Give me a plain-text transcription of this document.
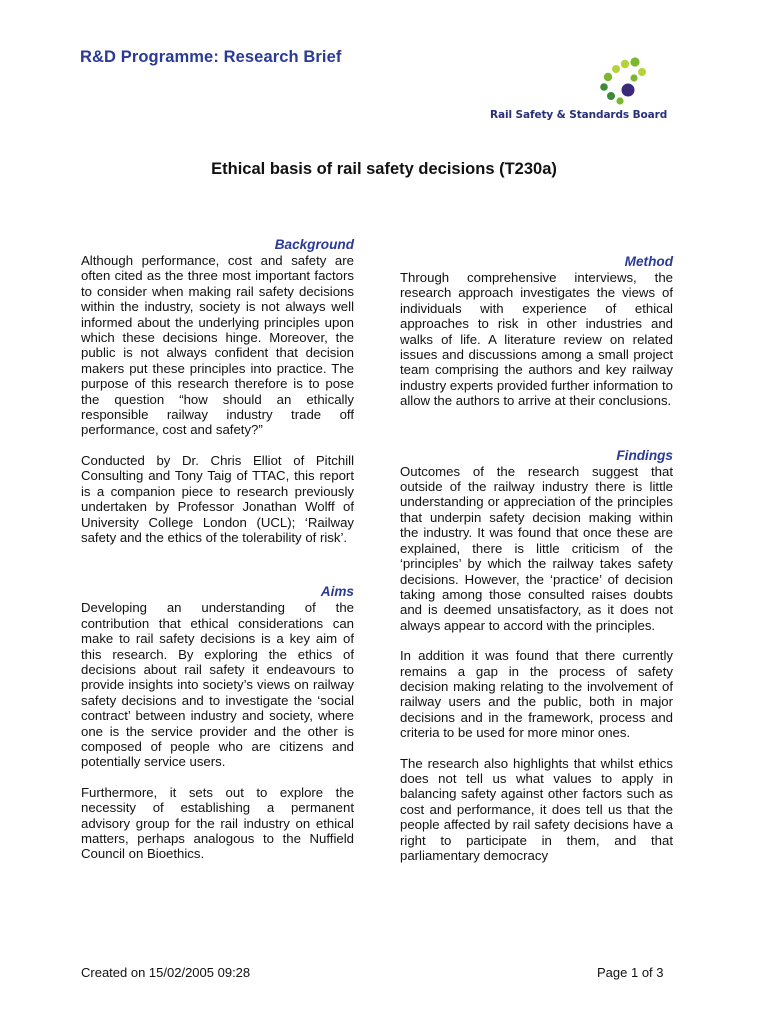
R&D Programme: Research Brief
Rail Safety & Standards Board
Ethical basis of rail safety decisions (T230a)
Background

Although performance, cost and safety are often cited as the three most important factors to consider when making rail safety decisions within the industry, society is not always well informed about the underlying principles upon which these decisions hinge. Moreover, the public is not always confident that decision makers put these principles into practice. The purpose of this research therefore is to pose the question “how should an ethically responsible railway industry trade off performance, cost and safety?”

Conducted by Dr. Chris Elliot of Pitchill Consulting and Tony Taig of TTAC, this report is a companion piece to research previously undertaken by Professor Jonathan Wolff of University College London (UCL); ‘Railway safety and the ethics of the tolerability of risk’.

Aims

Developing an understanding of the contribution that ethical considerations can make to rail safety decisions is a key aim of this research. By exploring the ethics of decisions about rail safety it endeavours to provide insights into society’s views on railway safety decisions and to investigate the ‘social contract’ between industry and society, where one is the service provider and the other is composed of people who are citizens and potentially service users.

Furthermore, it sets out to explore the necessity of establishing a permanent advisory group for the rail industry on ethical matters, perhaps analogous to the Nuffield Council on Bioethics.

Method

Through comprehensive interviews, the research approach investigates the views of individuals with experience of ethical approaches to risk in other industries and walks of life. A literature review on related issues and discussions among a small project team comprising the authors and key railway industry experts provided further information to allow the authors to arrive at their conclusions.

Findings

Outcomes of the research suggest that outside of the railway industry there is little understanding or appreciation of the principles that underpin safety decision making within the industry. It was found that once these are explained, there is little criticism of the ‘principles’ by which the railway takes safety decisions. However, the ‘practice’ of decision taking among those consulted raises doubts and is deemed unsatisfactory, as it does not always appear to accord with the principles.

In addition it was found that there currently remains a gap in the process of safety decision making relating to the involvement of railway users and the public, both in major decisions and in the framework, process and criteria to be used for more minor ones.

The research also highlights that whilst ethics does not tell us what values to apply in balancing safety against other factors such as cost and performance, it does tell us that the people affected by rail safety decisions have a right to participate in them, and that parliamentary democracy

Created on 15/02/2005 09:28	Page 1 of 3
